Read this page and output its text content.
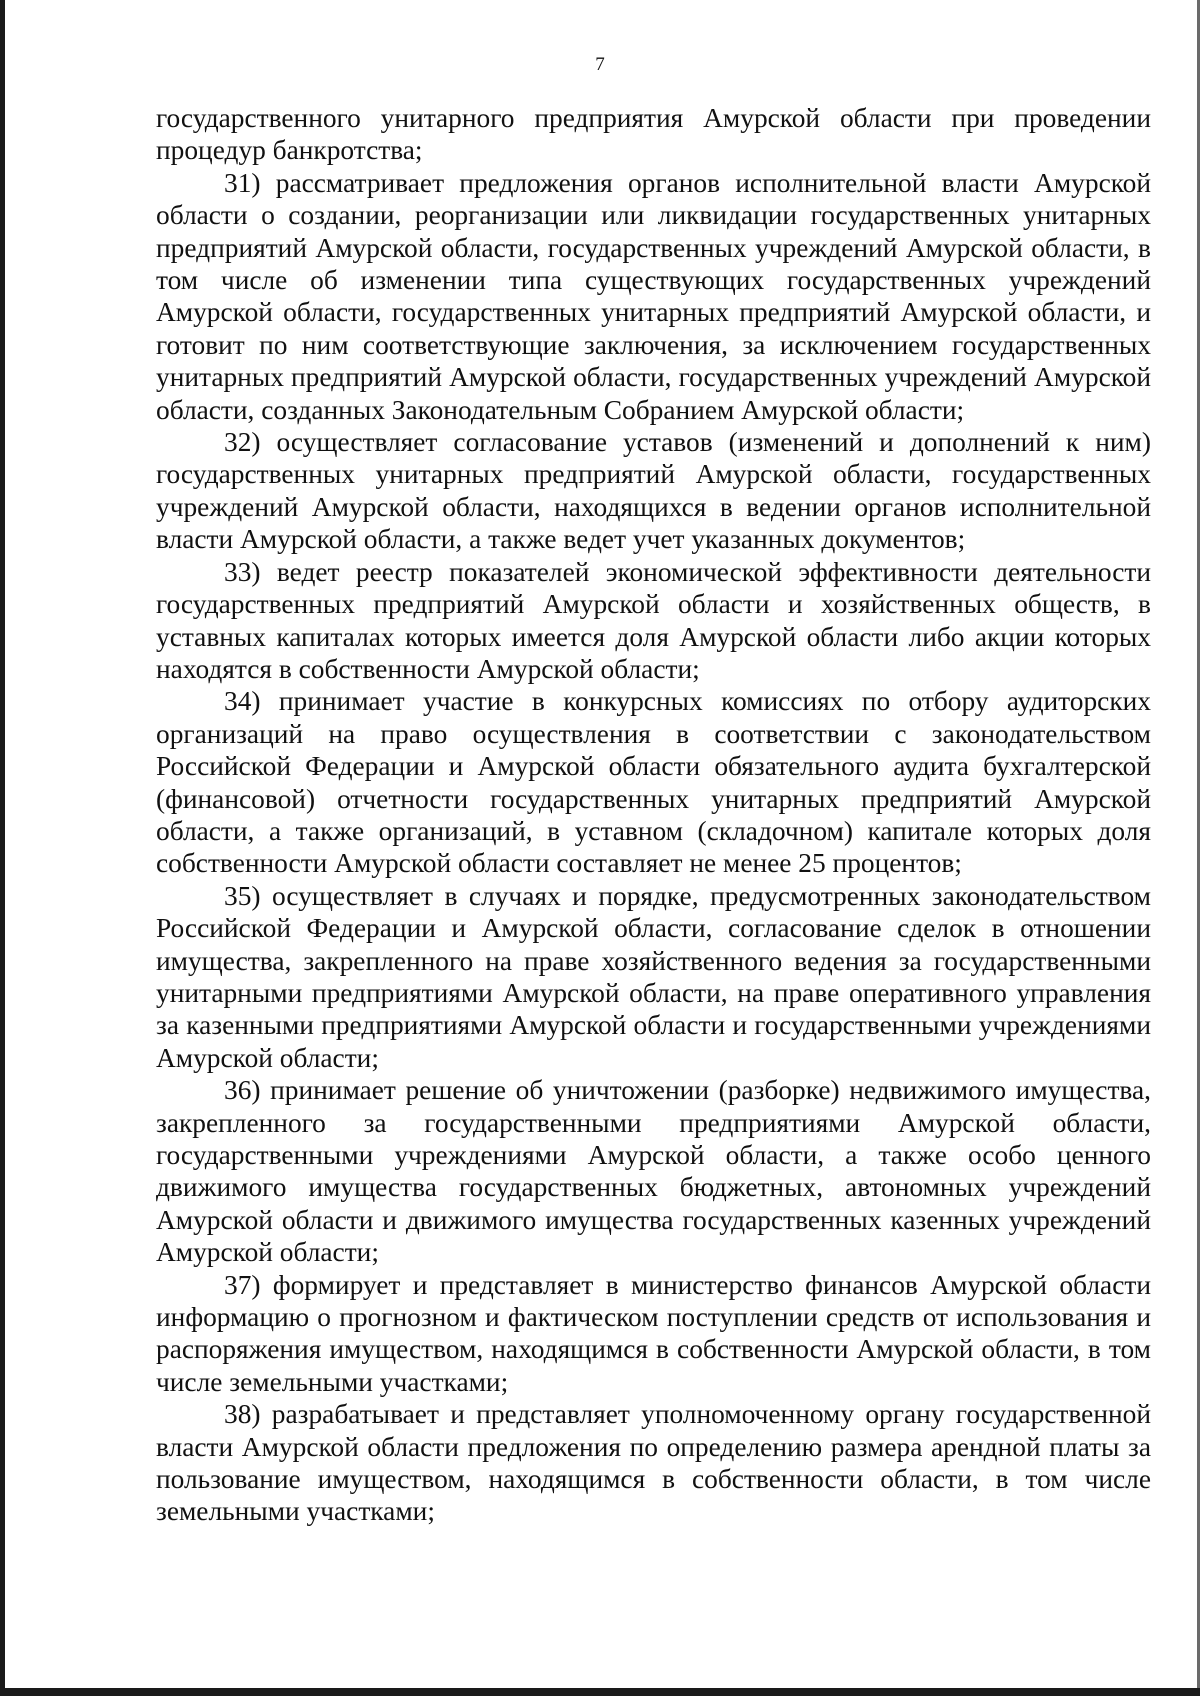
7

государственного унитарного предприятия Амурской области при проведении процедур банкротства;

31) рассматривает предложения органов исполнительной власти Амурской области о создании, реорганизации или ликвидации государственных унитарных предприятий Амурской области, государственных учреждений Амурской области, в том числе об изменении типа существующих государственных учреждений Амурской области, государственных унитарных предприятий Амурской области, и готовит по ним соответствующие заключения, за исключением государственных унитарных предприятий Амурской области, государственных учреждений Амурской области, созданных Законодательным Собранием Амурской области;

32) осуществляет согласование уставов (изменений и дополнений к ним) государственных унитарных предприятий Амурской области, государственных учреждений Амурской области, находящихся в ведении органов исполнительной власти Амурской области, а также ведет учет указанных документов;

33) ведет реестр показателей экономической эффективности деятельности государственных предприятий Амурской области и хозяйственных обществ, в уставных капиталах которых имеется доля Амурской области либо акции которых находятся в собственности Амурской области;

34) принимает участие в конкурсных комиссиях по отбору аудиторских организаций на право осуществления в соответствии с законодательством Российской Федерации и Амурской области обязательного аудита бухгалтерской (финансовой) отчетности государственных унитарных предприятий Амурской области, а также организаций, в уставном (складочном) капитале которых доля собственности Амурской области составляет не менее 25 процентов;

35) осуществляет в случаях и порядке, предусмотренных законодательством Российской Федерации и Амурской области, согласование сделок в отношении имущества, закрепленного на праве хозяйственного ведения за государственными унитарными предприятиями Амурской области, на праве оперативного управления за казенными предприятиями Амурской области и государственными учреждениями Амурской области;

36) принимает решение об уничтожении (разборке) недвижимого имущества, закрепленного за государственными предприятиями Амурской области, государственными учреждениями Амурской области, а также особо ценного движимого имущества государственных бюджетных, автономных учреждений Амурской области и движимого имущества государственных казенных учреждений Амурской области;

37) формирует и представляет в министерство финансов Амурской области информацию о прогнозном и фактическом поступлении средств от использования и распоряжения имуществом, находящимся в собственности Амурской области, в том числе земельными участками;

38) разрабатывает и представляет уполномоченному органу государственной власти Амурской области предложения по определению размера арендной платы за пользование имуществом, находящимся в собственности области, в том числе земельными участками;
